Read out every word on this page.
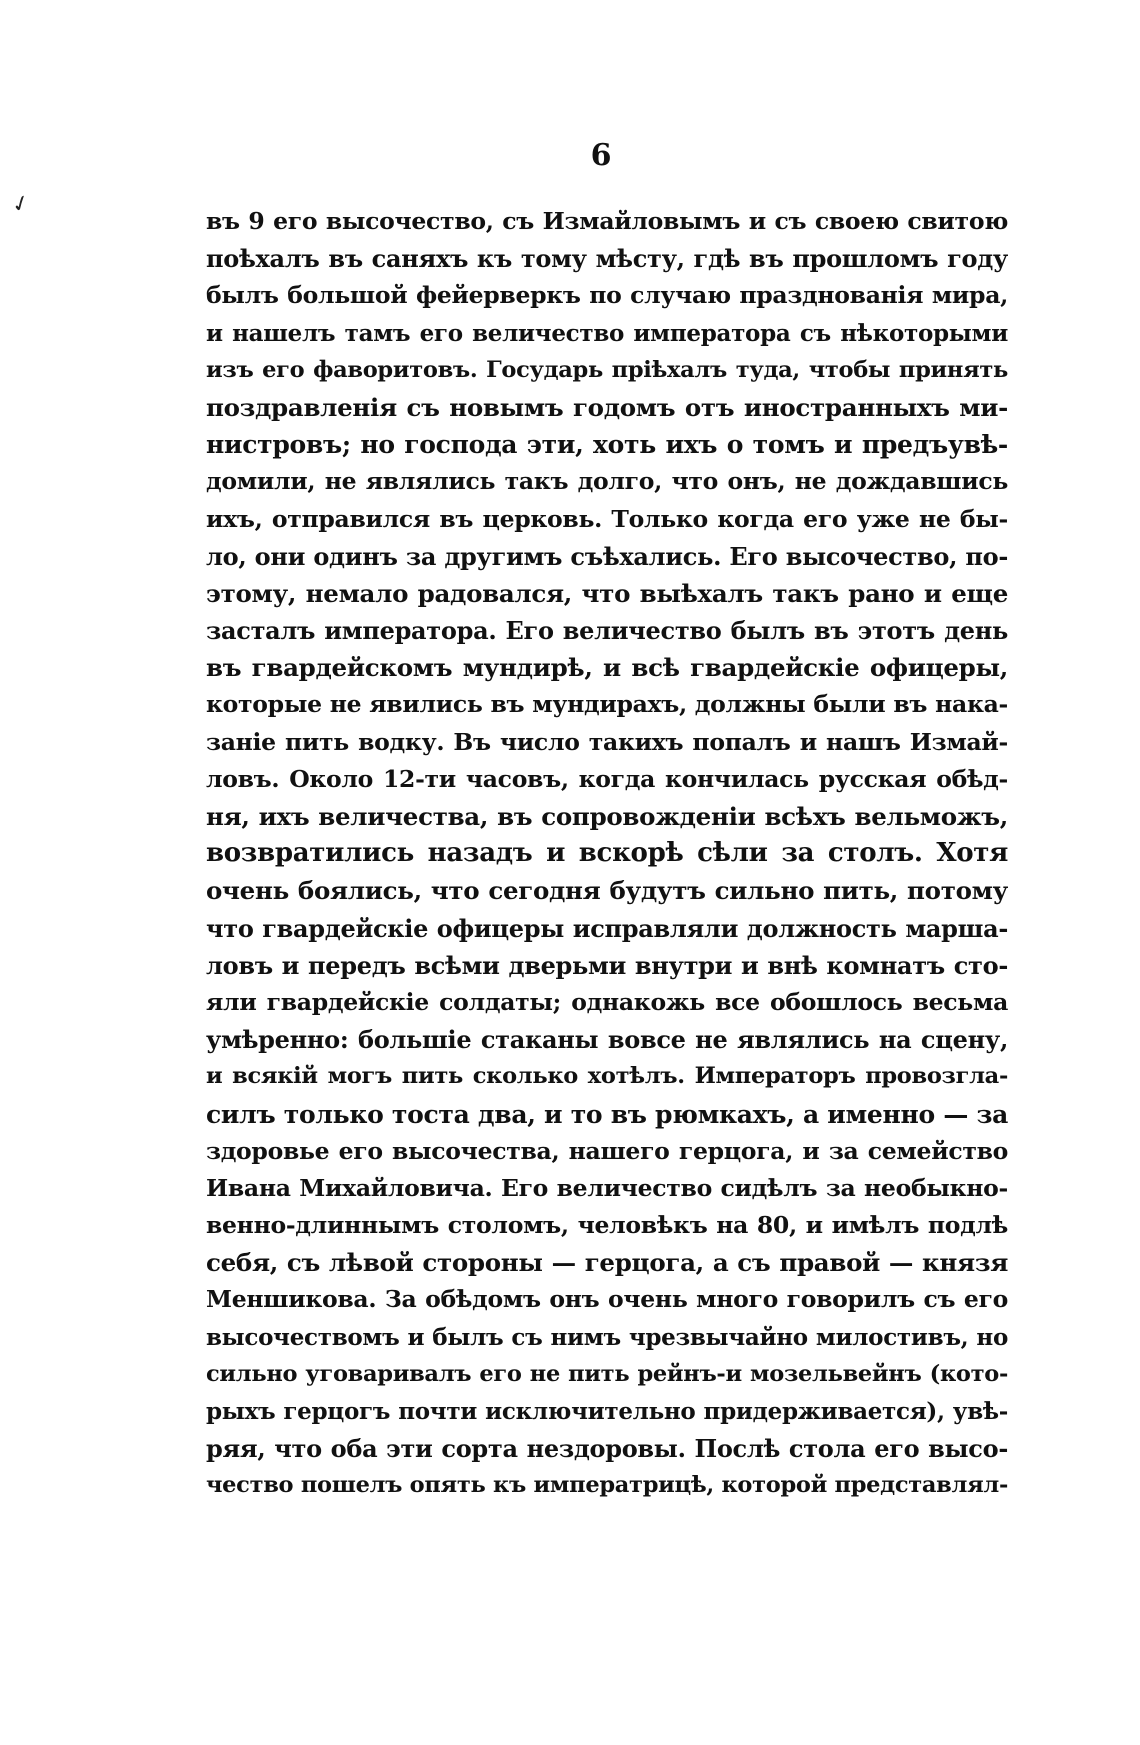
✓
6
въ 9 его высочество, съ Измайловымъ и съ своею свитою
поѣхалъ въ саняхъ къ тому мѣсту, гдѣ въ прошломъ году
былъ большой фейерверкъ по случаю празднованія мира,
и нашелъ тамъ его величество императора съ нѣкоторыми
изъ его фаворитовъ. Государь пріѣхалъ туда, чтобы принять
поздравленія съ новымъ годомъ отъ иностранныхъ ми-
нистровъ; но господа эти, хоть ихъ о томъ и предъувѣ-
домили, не являлись такъ долго, что онъ, не дождавшись
ихъ, отправился въ церковь. Только когда его уже не бы-
ло, они одинъ за другимъ съѣхались. Его высочество, по-
этому, немало радовался, что выѣхалъ такъ рано и еще
засталъ императора. Его величество былъ въ этотъ день
въ гвардейскомъ мундирѣ, и всѣ гвардейскіе офицеры,
которые не явились въ мундирахъ, должны были въ нака-
заніе пить водку. Въ число такихъ попалъ и нашъ Измай-
ловъ. Около 12-ти часовъ, когда кончилась русская обѣд-
ня, ихъ величества, въ сопровожденіи всѣхъ вельможъ,
возвратились назадъ и вскорѣ сѣли за столъ. Хотя
очень боялись, что сегодня будутъ сильно пить, потому
что гвардейскіе офицеры исправляли должность марша-
ловъ и передъ всѣми дверьми внутри и внѣ комнатъ сто-
яли гвардейскіе солдаты; однакожь все обошлось весьма
умѣренно: большіе стаканы вовсе не являлись на сцену,
и всякій могъ пить сколько хотѣлъ. Императоръ провозгла-
силъ только тоста два, и то въ рюмкахъ, а именно — за
здоровье его высочества, нашего герцога, и за семейство
Ивана Михайловича. Его величество сидѣлъ за необыкно-
венно-длиннымъ столомъ, человѣкъ на 80, и имѣлъ подлѣ
себя, съ лѣвой стороны — герцога, а съ правой — князя
Меншикова. За обѣдомъ онъ очень много говорилъ съ его
высочествомъ и былъ съ нимъ чрезвычайно милостивъ, но
сильно уговаривалъ его не пить рейнъ-и мозельвейнъ (кото-
рыхъ герцогъ почти исключительно придерживается), увѣ-
ряя, что оба эти сорта нездоровы. Послѣ стола его высо-
чество пошелъ опять къ императрицѣ, которой представлял-
